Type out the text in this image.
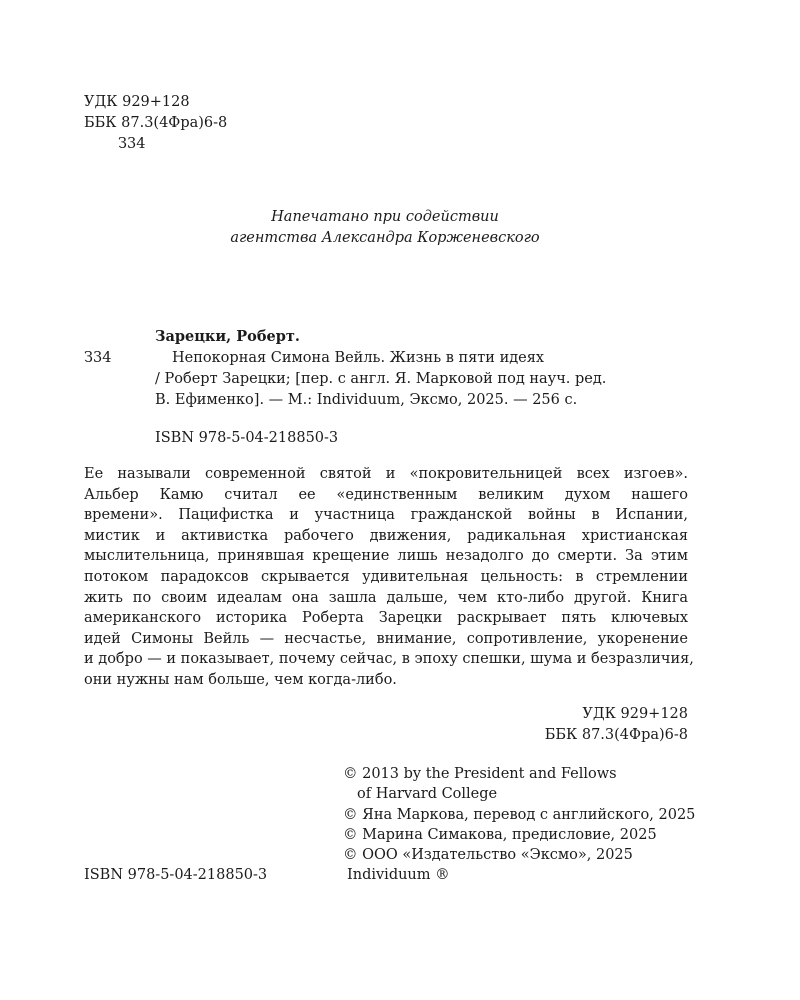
УДК 929+128
ББК 87.3(4Фра)6-8
З34
Напечатано при содействии
агентства Александра Корженевского
Зарецки, Роберт.
З34	Непокорная Симона Вейль. Жизнь в пяти идеях
/ Роберт Зарецки; [пер. с англ. Я. Марковой под науч. ред.
В. Ефименко]. — М.: Individuum, Эксмо, 2025. — 256 с.
ISBN 978-5-04-218850-3
Ее называли современной святой и «покровительницей всех изгоев».
Альбер Камю считал ее «единственным великим духом нашего
времени». Пацифистка и участница гражданской войны в Испании,
мистик и активистка рабочего движения, радикальная христианская
мыслительница, принявшая крещение лишь незадолго до смерти. За этим
потоком парадоксов скрывается удивительная цельность: в стремлении
жить по своим идеалам она зашла дальше, чем кто-либо другой. Книга
американского историка Роберта Зарецки раскрывает пять ключевых
идей Симоны Вейль — несчастье, внимание, сопротивление, укоренение
и добро — и показывает, почему сейчас, в эпоху спешки, шума и безразличия,
они нужны нам больше, чем когда-либо.
УДК 929+128
ББК 87.3(4Фра)6-8
© 2013 by the President and Fellows
of Harvard College
© Яна Маркова, перевод с английского, 2025
© Марина Симакова, предисловие, 2025
© ООО «Издательство «Эксмо», 2025
Individuum ®
ISBN 978-5-04-218850-3
